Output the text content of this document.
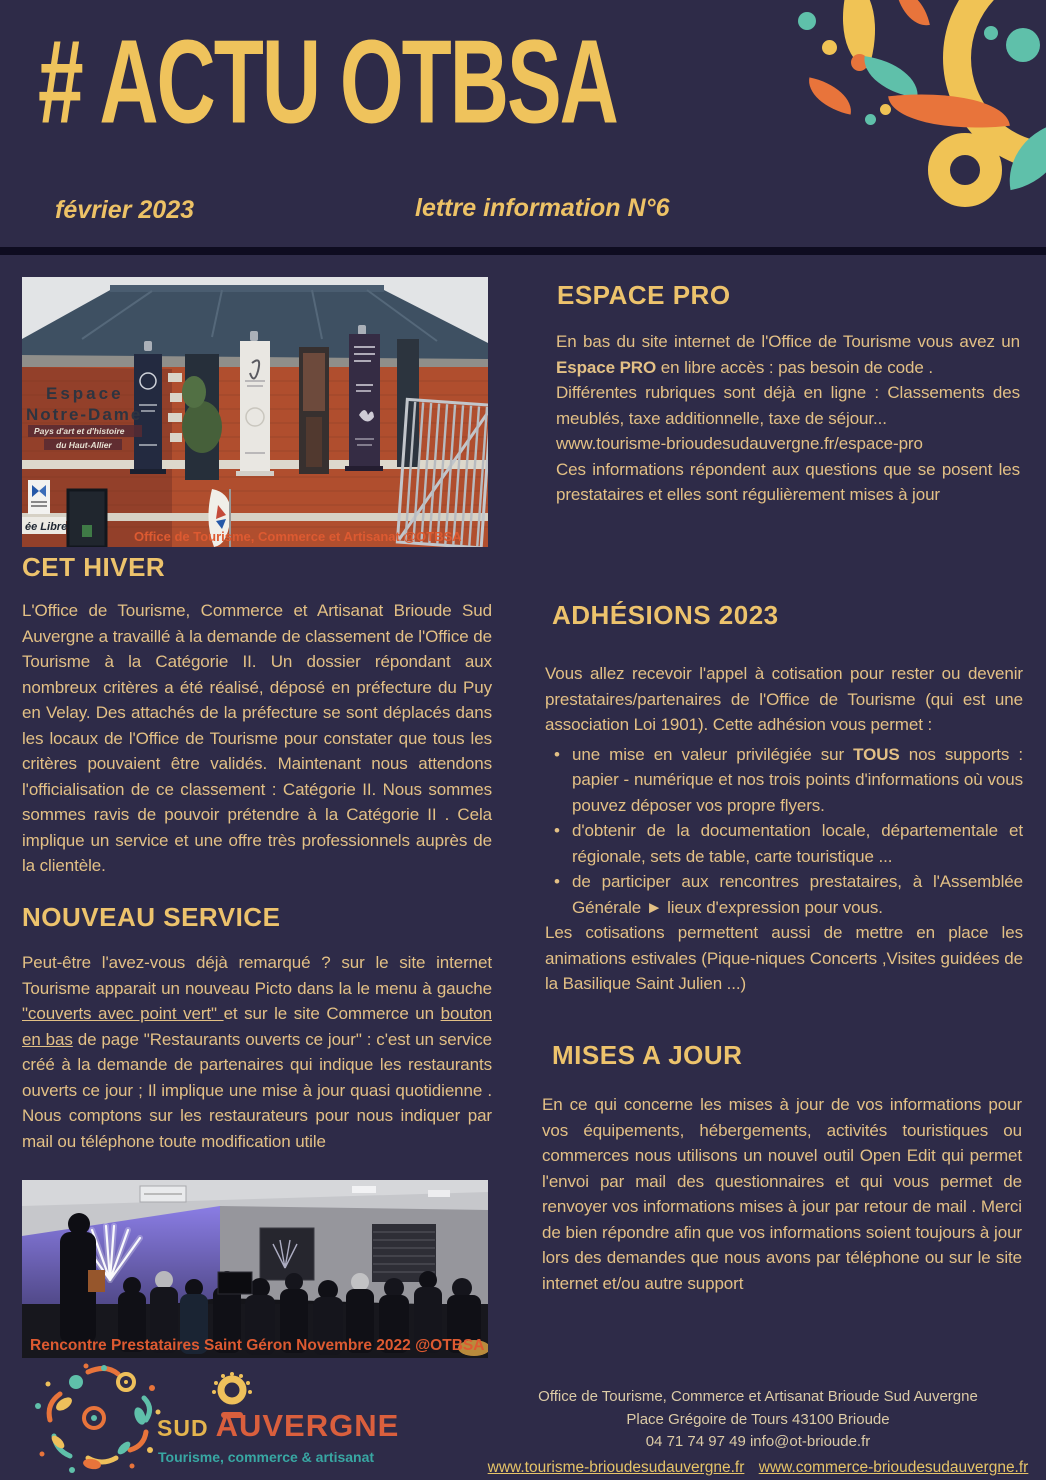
# ACTU OTBSA
février 2023	lettre information N°6
Espace
Notre-Dame
Pays d'art et d'histoire
du Haut-Allier
ée Libre
Office de Tourisme, Commerce et Artisanat @OTBSA
CET HIVER
L'Office de Tourisme, Commerce et Artisanat Brioude Sud Auvergne a travaillé à la demande de classement de l'Office de Tourisme à la Catégorie II. Un dossier répondant aux nombreux critères a été réalisé, déposé en préfecture du Puy en Velay. Des attachés de la préfecture se sont déplacés dans les locaux de l'Office de Tourisme pour constater que tous les critères pouvaient être validés. Maintenant nous attendons l'officialisation de ce classement : Catégorie II. Nous sommes sommes ravis de pouvoir prétendre à la Catégorie II . Cela implique un service et une offre très professionnels auprès de la clientèle.
NOUVEAU SERVICE
Peut-être l'avez-vous déjà remarqué ? sur le site internet Tourisme apparait un nouveau Picto dans la le menu à gauche "couverts avec point vert" et sur le site Commerce un bouton en bas de page "Restaurants ouverts ce jour" : c'est un service créé à la demande de partenaires qui indique les restaurants ouverts ce jour ; Il implique une mise à jour quasi quotidienne . Nous comptons sur les restaurateurs pour nous indiquer par mail ou téléphone toute modification utile
Rencontre Prestataires Saint Géron Novembre 2022 @OTBSA
ESPACE PRO

En bas du site internet de l'Office de Tourisme vous avez un Espace PRO en libre accès : pas besoin de code .

Différentes rubriques sont déjà en ligne : Classements des meublés, taxe additionnelle, taxe de séjour...

www.tourisme-brioudesudauvergne.fr/espace-pro

Ces informations répondent aux questions que se posent les prestataires et elles sont régulièrement mises à jour

ADHÉSIONS 2023

Vous allez recevoir l'appel à cotisation pour rester ou devenir prestataires/partenaires de l'Office de Tourisme (qui est une association Loi 1901). Cette adhésion vous permet :

• une mise en valeur privilégiée sur TOUS nos supports : papier - numérique et nos trois points d'informations où vous pouvez déposer vos propre flyers.
• d'obtenir de la documentation locale, départementale et régionale, sets de table, carte touristique ...
• de participer aux rencontres prestataires, à l'Assemblée Générale ► lieux d'expression pour vous.

Les cotisations permettent aussi de mettre en place les animations estivales (Pique-niques Concerts ,Visites guidées de la Basilique Saint Julien ...)

MISES A JOUR
En ce qui concerne les mises à jour de vos informations pour vos équipements, hébergements, activités touristiques ou commerces nous utilisons un nouvel outil Open Edit qui permet l'envoi par mail des questionnaires et qui vous permet de renvoyer vos informations mises à jour par retour de mail . Merci de bien répondre afin que vos informations soient toujours à jour lors des demandes que nous avons par téléphone ou sur le site internet et/ou autre support
SUD AUVERGNE
Tourisme, commerce & artisanat
Office de Tourisme, Commerce et Artisanat Brioude Sud Auvergne
Place Grégoire de Tours 43100 Brioude
04 71 74 97 49 info@ot-brioude.fr
www.tourisme-brioudesudauvergne.fr www.commerce-brioudesudauvergne.fr
